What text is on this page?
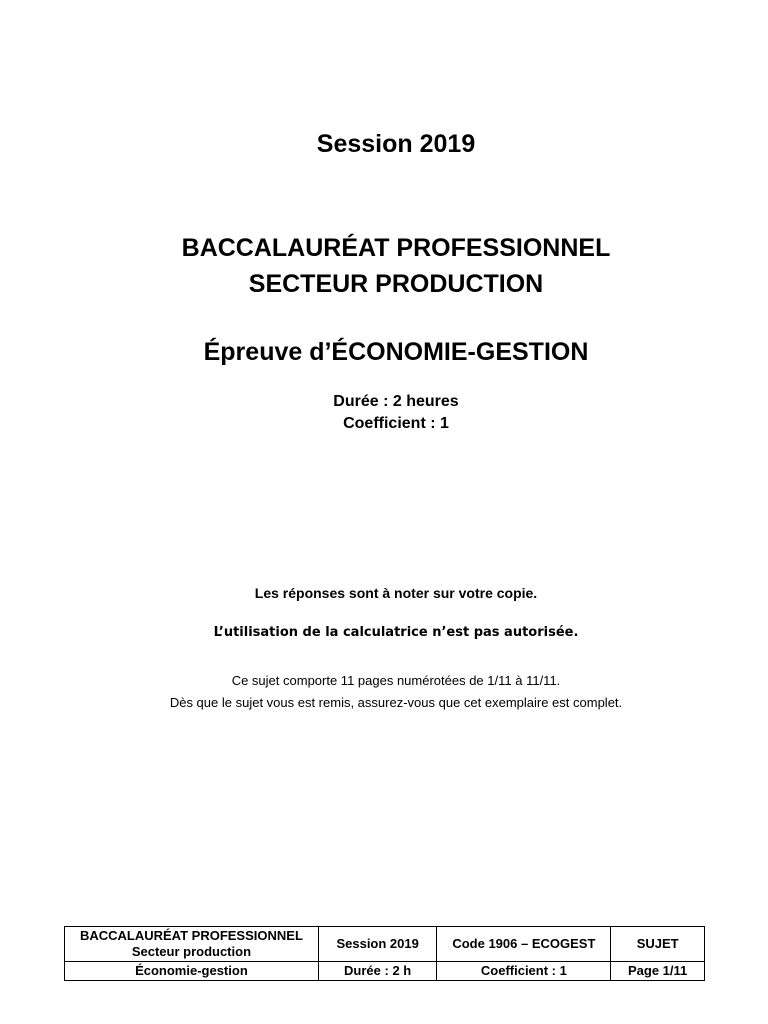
Session 2019
BACCALAURÉAT PROFESSIONNEL
SECTEUR PRODUCTION
Épreuve d’ÉCONOMIE-GESTION
Durée : 2 heures
Coefficient : 1
Les réponses sont à noter sur votre copie.
L’utilisation de la calculatrice n’est pas autorisée.
Ce sujet comporte 11 pages numérotées de 1/11 à 11/11.
Dès que le sujet vous est remis, assurez-vous que cet exemplaire est complet.
BACCALAURÉAT PROFESSIONNEL
Secteur production	Session 2019	Code 1906 – ECOGEST	SUJET
Économie-gestion	Durée : 2 h	Coefficient : 1	Page 1/11
